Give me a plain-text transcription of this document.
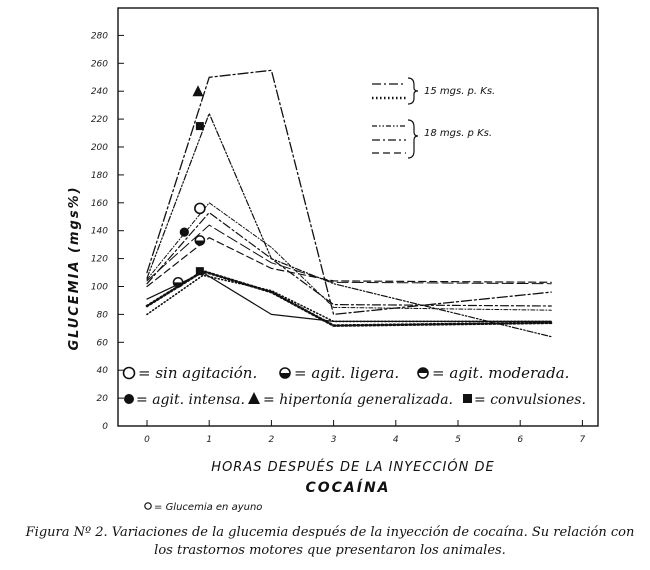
0
20
40
60
80
100
120
140
160
180
200
220
240
260
280
0	1	2	3	4	5	6	7
GLUCEMIA (mgs%)
15 mgs. p. Ks.
18 mgs. p Ks.
= sin agitación. = agit. ligera. = agit. moderada.
= agit. intensa. = hipertonía generalizada. = convulsiones.
HORAS DESPUÉS DE LA INYECCIÓN DE
COCAÍNA
= Glucemia en ayuno
Figura Nº 2. Variaciones de la glucemia después de la inyección de cocaína. Su relación con los trastornos motores que presentaron los animales.
